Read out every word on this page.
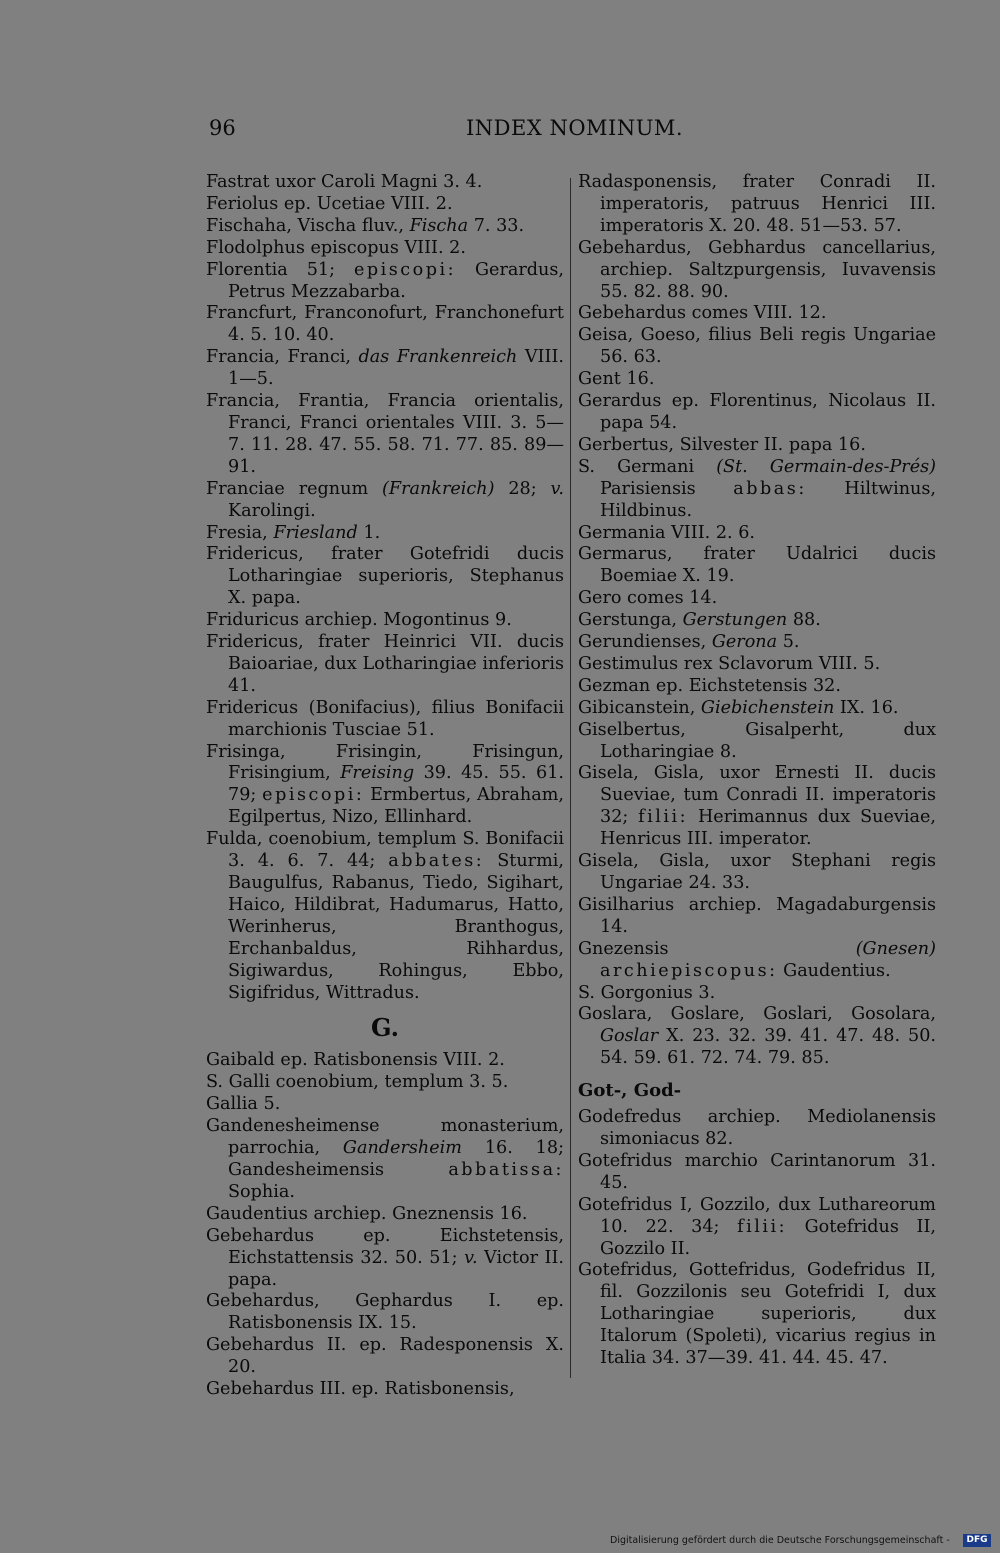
96	INDEX NOMINUM.
Fastrat uxor Caroli Magni 3. 4.
Feriolus ep. Ucetiae VIII. 2.
Fischaha, Vischa fluv., Fischa 7. 33.
Flodolphus episcopus VIII. 2.
Florentia 51; episcopi: Gerardus, Petrus Mezzabarba.
Francfurt, Franconofurt, Franchonefurt 4. 5. 10. 40.
Francia, Franci, das Frankenreich VIII. 1—5.
Francia, Frantia, Francia orientalis, Franci, Franci orientales VIII. 3. 5—7. 11. 28. 47. 55. 58. 71. 77. 85. 89—91.
Franciae regnum (Frankreich) 28; v. Karolingi.
Fresia, Friesland 1.
Fridericus, frater Gotefridi ducis Lotharingiae superioris, Stephanus X. papa.
Friduricus archiep. Mogontinus 9.
Fridericus, frater Heinrici VII. ducis Baioariae, dux Lotharingiae inferioris 41.
Fridericus (Bonifacius), filius Bonifacii marchionis Tusciae 51.
Frisinga, Frisingin, Frisingun, Frisingium, Freising 39. 45. 55. 61. 79; episcopi: Ermbertus, Abraham, Egilpertus, Nizo, Ellinhard.
Fulda, coenobium, templum S. Bonifacii 3. 4. 6. 7. 44; abbates: Sturmi, Baugulfus, Rabanus, Tiedo, Sigihart, Haico, Hildibrat, Hadumarus, Hatto, Werinherus, Branthogus, Erchanbaldus, Rihhardus, Sigiwardus, Rohingus, Ebbo, Sigifridus, Wittradus.
G.
Gaibald ep. Ratisbonensis VIII. 2.
S. Galli coenobium, templum 3. 5.
Gallia 5.
Gandenesheimense monasterium, parrochia, Gandersheim 16. 18; Gandesheimensis abbatissa: Sophia.
Gaudentius archiep. Gneznensis 16.
Gebehardus ep. Eichstetensis, Eichstattensis 32. 50. 51; v. Victor II. papa.
Gebehardus, Gephardus I. ep. Ratisbonensis IX. 15.
Gebehardus II. ep. Radesponensis X. 20.
Gebehardus III. ep. Ratisbonensis,
Radasponensis, frater Conradi II. imperatoris, patruus Henrici III. imperatoris X. 20. 48. 51—53. 57.
Gebehardus, Gebhardus cancellarius, archiep. Saltzpurgensis, Iuvavensis 55. 82. 88. 90.
Gebehardus comes VIII. 12.
Geisa, Goeso, filius Beli regis Ungariae 56. 63.
Gent 16.
Gerardus ep. Florentinus, Nicolaus II. papa 54.
Gerbertus, Silvester II. papa 16.
S. Germani (St. Germain-des-Prés) Parisiensis abbas: Hiltwinus, Hildbinus.
Germania VIII. 2. 6.
Germarus, frater Udalrici ducis Boemiae X. 19.
Gero comes 14.
Gerstunga, Gerstungen 88.
Gerundienses, Gerona 5.
Gestimulus rex Sclavorum VIII. 5.
Gezman ep. Eichstetensis 32.
Gibicanstein, Giebichenstein IX. 16.
Giselbertus, Gisalperht, dux Lotharingiae 8.
Gisela, Gisla, uxor Ernesti II. ducis Sueviae, tum Conradi II. imperatoris 32; filii: Herimannus dux Sueviae, Henricus III. imperator.
Gisela, Gisla, uxor Stephani regis Ungariae 24. 33.
Gisilharius archiep. Magadaburgensis 14.
Gnezensis (Gnesen) archiepiscopus: Gaudentius.
S. Gorgonius 3.
Goslara, Goslare, Goslari, Gosolara, Goslar X. 23. 32. 39. 41. 47. 48. 50. 54. 59. 61. 72. 74. 79. 85.
Got-, God-
Godefredus archiep. Mediolanensis simoniacus 82.
Gotefridus marchio Carintanorum 31. 45.
Gotefridus I, Gozzilo, dux Luthareorum 10. 22. 34; filii: Gotefridus II, Gozzilo II.
Gotefridus, Gottefridus, Godefridus II, fil. Gozzilonis seu Gotefridi I, dux Lotharingiae superioris, dux Italorum (Spoleti), vicarius regius in Italia 34. 37—39. 41. 44. 45. 47.
Digitalisierung gefördert durch die Deutsche Forschungsgemeinschaft -	DFG
